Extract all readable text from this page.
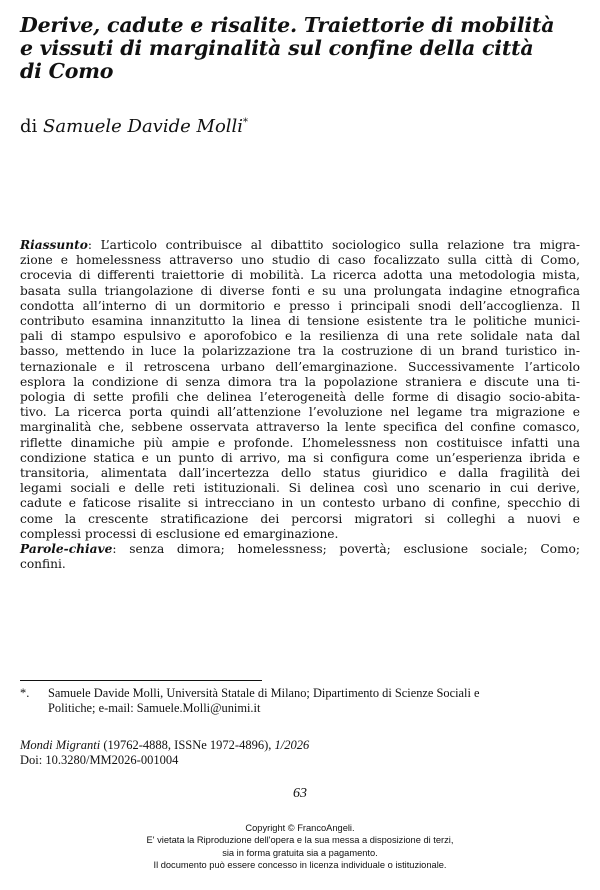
Derive, cadute e risalite. Traiettorie di mobilità
e vissuti di marginalità sul confine della città
di Como
di Samuele Davide Molli*
Riassunto: L’articolo contribuisce al dibattito sociologico sulla relazione tra migra-
zione e homelessness attraverso uno studio di caso focalizzato sulla città di Como,
crocevia di differenti traiettorie di mobilità. La ricerca adotta una metodologia mista,
basata sulla triangolazione di diverse fonti e su una prolungata indagine etnografica
condotta all’interno di un dormitorio e presso i principali snodi dell’accoglienza. Il
contributo esamina innanzitutto la linea di tensione esistente tra le politiche munici-
pali di stampo espulsivo e aporofobico e la resilienza di una rete solidale nata dal
basso, mettendo in luce la polarizzazione tra la costruzione di un brand turistico in-
ternazionale e il retroscena urbano dell’emarginazione. Successivamente l’articolo
esplora la condizione di senza dimora tra la popolazione straniera e discute una ti-
pologia di sette profili che delinea l’eterogeneità delle forme di disagio socio-abita-
tivo. La ricerca porta quindi all’attenzione l’evoluzione nel legame tra migrazione e
marginalità che, sebbene osservata attraverso la lente specifica del confine comasco,
riflette dinamiche più ampie e profonde. L’homelessness non costituisce infatti una
condizione statica e un punto di arrivo, ma si configura come un’esperienza ibrida e
transitoria, alimentata dall’incertezza dello status giuridico e dalla fragilità dei
legami sociali e delle reti istituzionali. Si delinea così uno scenario in cui derive,
cadute e faticose risalite si intrecciano in un contesto urbano di confine, specchio di
come la crescente stratificazione dei percorsi migratori si colleghi a nuovi e
complessi processi di esclusione ed emarginazione.
Parole-chiave: senza dimora; homelessness; povertà; esclusione sociale; Como;
confini.
*.	Samuele Davide Molli, Università Statale di Milano; Dipartimento di Scienze Sociali e
Politiche; e-mail: Samuele.Molli@unimi.it
Mondi Migranti (19762-4888, ISSNe 1972-4896), 1/2026
Doi: 10.3280/MM2026-001004
63
Copyright © FrancoAngeli.
E' vietata la Riproduzione dell'opera e la sua messa a disposizione di terzi,
sia in forma gratuita sia a pagamento.
Il documento può essere concesso in licenza individuale o istituzionale.
